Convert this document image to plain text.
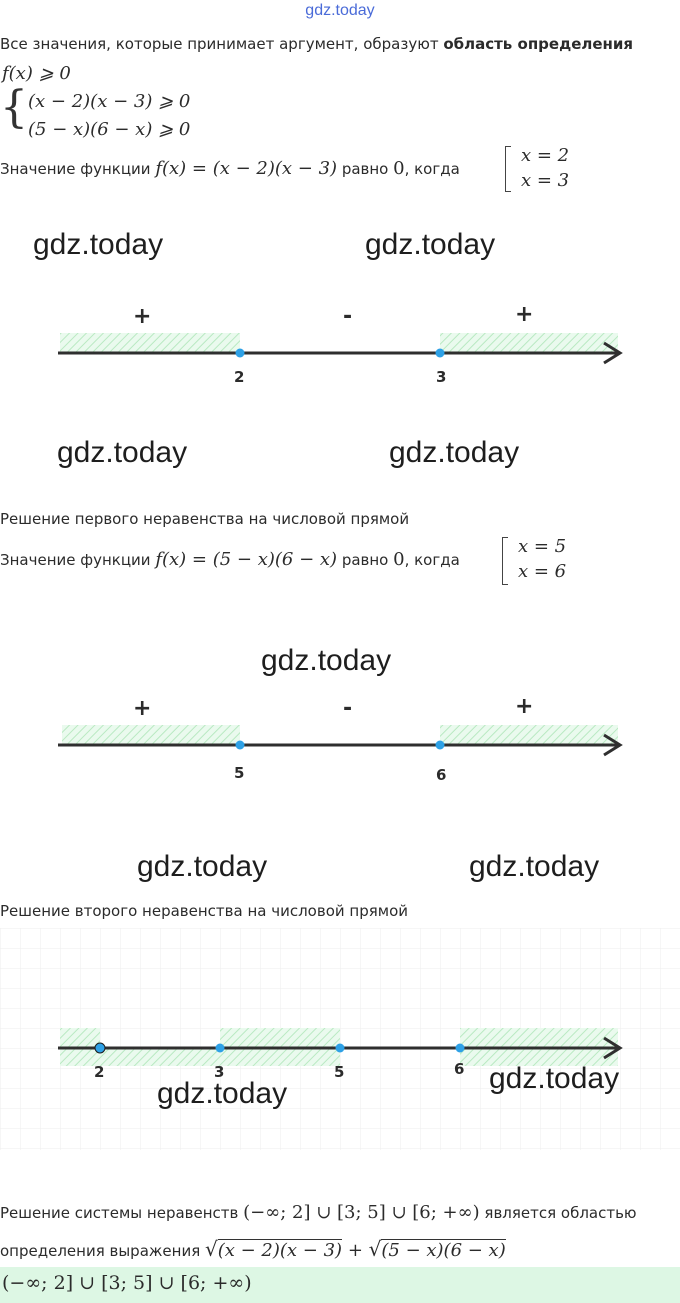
gdz.today
Все значения, которые принимает аргумент, образуют область определения
f(x) ⩾ 0
{ (x − 2)(x − 3) ⩾ 0
(5 − x)(6 − x) ⩾ 0
Значение функции f(x) = (x − 2)(x − 3) равно 0, когда
x = 2
x = 3
gdz.today	gdz.today
+	-	+
2	3
gdz.today	gdz.today
Решение первого неравенства на числовой прямой
Значение функции f(x) = (5 − x)(6 − x) равно 0, когда
x = 5
x = 6
gdz.today
+	-	+
5	6
gdz.today	gdz.today
Решение второго неравенства на числовой прямой
2	3	5	6 gdz.today
gdz.today
Решение системы неравенств (−∞; 2] ∪ [3; 5] ∪ [6; +∞) является областью
определения выражения √(x − 2)(x − 3) + √(5 − x)(6 − x)
(−∞; 2] ∪ [3; 5] ∪ [6; +∞)
